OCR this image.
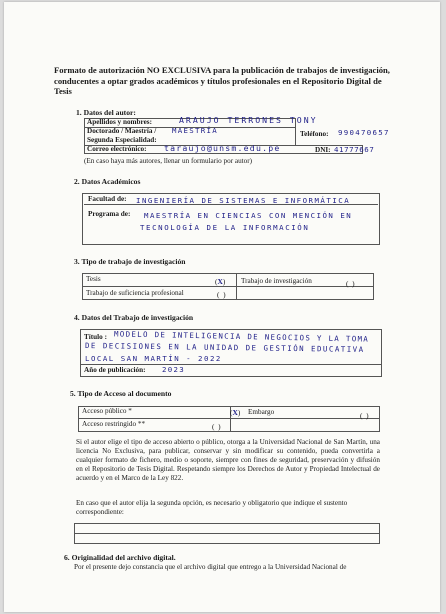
Formato de autorización NO EXCLUSIVA para la publicación de trabajos de investigación, conducentes a optar grados académicos y títulos profesionales en el Repositorio Digital de Tesis
1. Datos del autor:
Apellidos y nombres:	ARAUJO TERRONES TONY
Doctorado / Maestría /
Segunda Especialidad:
MAESTRÍA	Teléfono: 990470657
Correo electrónico: taraujo@unsm.edu.pe	DNI: 41777667
(En caso haya más autores, llenar un formulario por autor)
2. Datos Académicos
Facultad de: INGENIERÍA DE SISTEMAS E INFORMÁTICA
Programa de: MAESTRÍA EN CIENCIAS CON MENCIÓN EN
TECNOLOGÍA DE LA INFORMACIÓN
3. Tipo de trabajo de investigación
Tesis	(X) Trabajo de investigación	(  )
Trabajo de suficiencia profesional	(  )
4. Datos del Trabajo de investigación
Título : MODELO DE INTELIGENCIA DE NEGOCIOS Y LA TOMA
DE DECISIONES EN LA UNIDAD DE GESTIÓN EDUCATIVA
LOCAL SAN MARTÍN - 2022
Año de publicación: 2023
5. Tipo de Acceso al documento
Acceso público *	(X) Embargo	(  )
Acceso restringido **	(  )
Si el autor elige el tipo de acceso abierto o público, otorga a la Universidad Nacional de San Martín, una licencia No Exclusiva, para publicar, conservar y sin modificar su contenido, pueda convertirla a cualquier formato de fichero, medio o soporte, siempre con fines de seguridad, preservación y difusión en el Repositorio de Tesis Digital. Respetando siempre los Derechos de Autor y Propiedad Intelectual de acuerdo y en el Marco de la Ley 822.
En caso que el autor elija la segunda opción, es necesario y obligatorio que indique el sustento correspondiente:
6. Originalidad del archivo digital.
Por el presente dejo constancia que el archivo digital que entrego a la Universidad Nacional de
